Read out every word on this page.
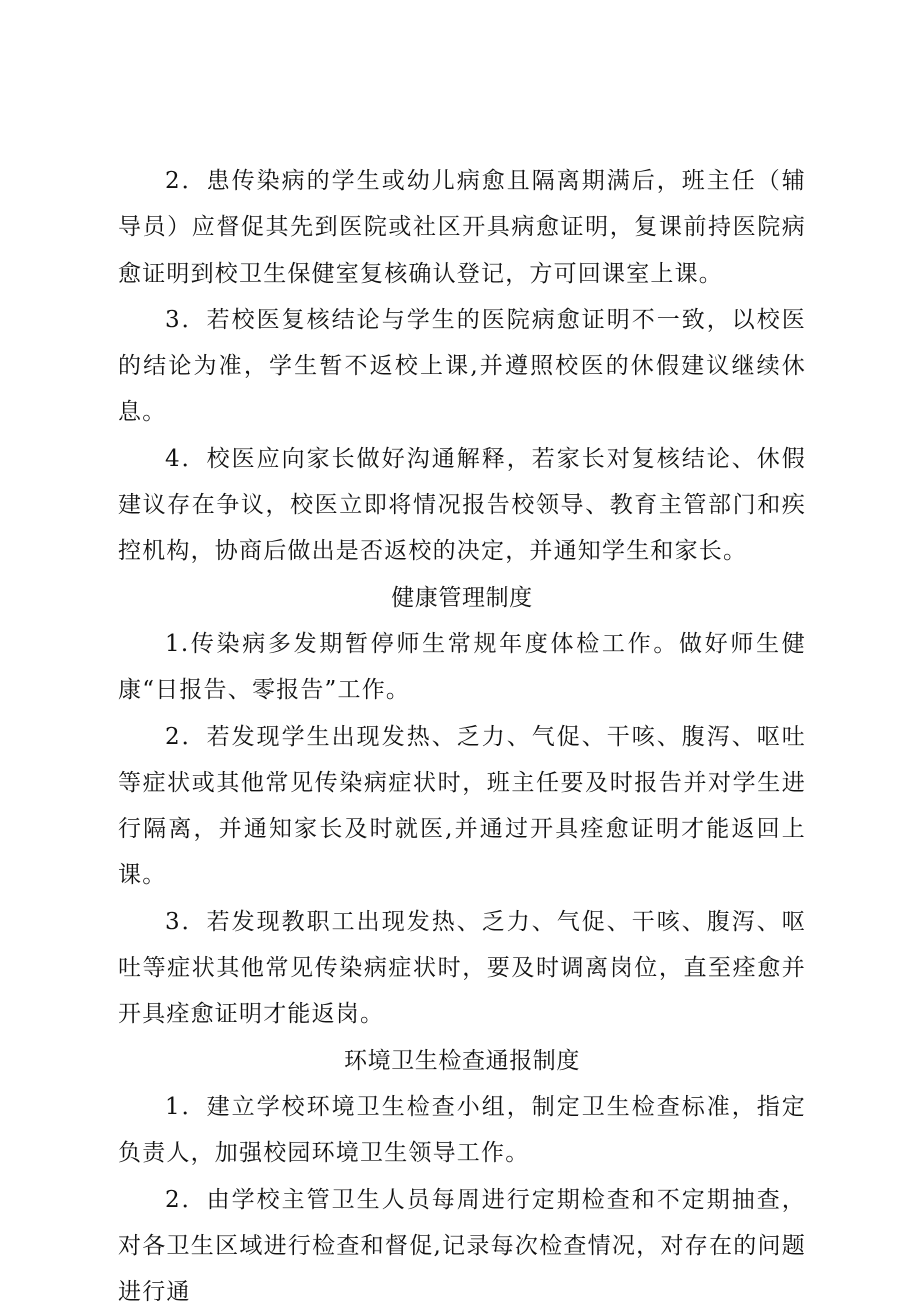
2．患传染病的学生或幼儿病愈且隔离期满后，班主任（辅导员）应督促其先到医院或社区开具病愈证明，复课前持医院病愈证明到校卫生保健室复核确认登记，方可回课室上课。

3．若校医复核结论与学生的医院病愈证明不一致，以校医的结论为准，学生暂不返校上课,并遵照校医的休假建议继续休息。

4．校医应向家长做好沟通解释，若家长对复核结论、休假建议存在争议，校医立即将情况报告校领导、教育主管部门和疾控机构，协商后做出是否返校的决定，并通知学生和家长。

健康管理制度

1.传染病多发期暂停师生常规年度体检工作。做好师生健康“日报告、零报告”工作。

2．若发现学生出现发热、乏力、气促、干咳、腹泻、呕吐等症状或其他常见传染病症状时，班主任要及时报告并对学生进行隔离，并通知家长及时就医,并通过开具痊愈证明才能返回上课。

3．若发现教职工出现发热、乏力、气促、干咳、腹泻、呕吐等症状其他常见传染病症状时，要及时调离岗位，直至痊愈并开具痊愈证明才能返岗。

环境卫生检查通报制度

1．建立学校环境卫生检查小组，制定卫生检查标准，指定负责人，加强校园环境卫生领导工作。

2．由学校主管卫生人员每周进行定期检查和不定期抽查，对各卫生区域进行检查和督促,记录每次检查情况，对存在的问题进行通
